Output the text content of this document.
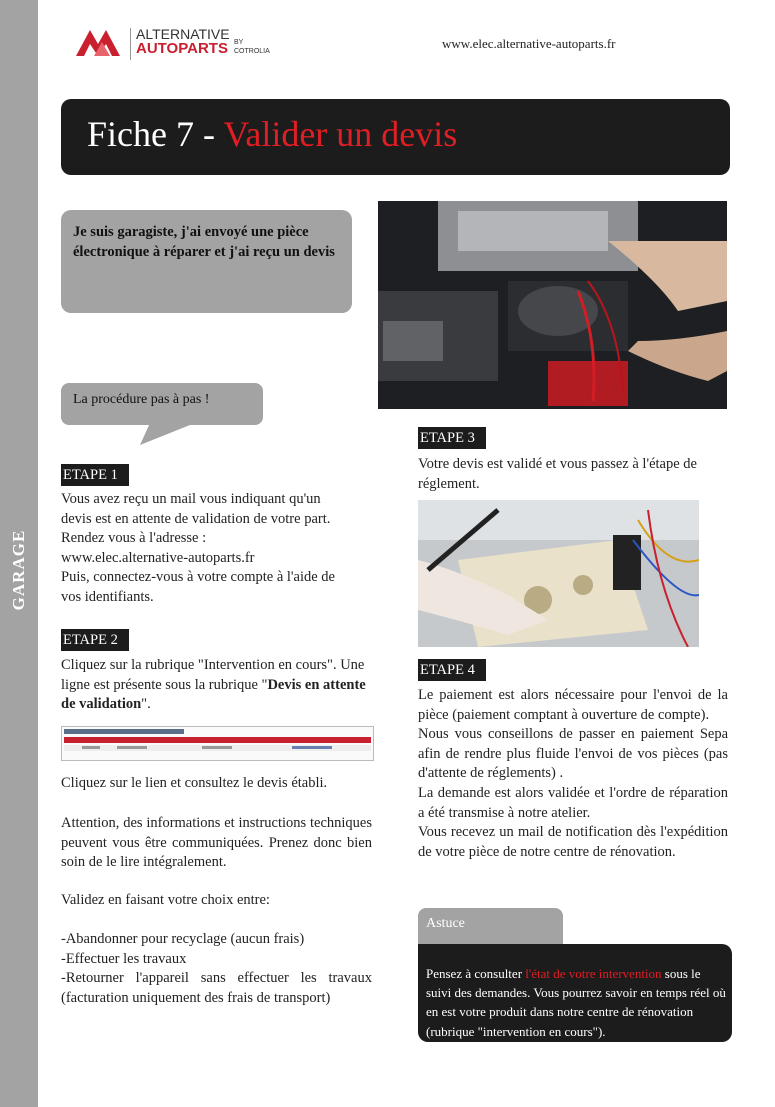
GARAGE
ALTERNATIVE
AUTOPARTS BY
COTROLIA
www.elec.alternative-autoparts.fr
Fiche 7 - Valider un devis
Je suis garagiste, j'ai envoyé une pièce électronique à réparer et j'ai reçu un devis
La procédure pas à pas !
ETAPE 1
Vous avez reçu un mail vous indiquant qu'un
devis est en attente de validation de votre part.
Rendez vous à l'adresse :
www.elec.alternative-autoparts.fr
Puis, connectez-vous à votre compte à l'aide de
vos identifiants.
ETAPE 2
Cliquez sur la rubrique "Intervention en cours". Une ligne est présente sous la rubrique "Devis en attente de validation".
Cliquez sur le lien et consultez le devis établi.
Attention, des informations et instructions techniques peuvent vous être communiquées. Prenez donc bien soin de le lire intégralement.
Validez en faisant votre choix entre:
-Abandonner pour recyclage (aucun frais)
-Effectuer les travaux
-Retourner l'appareil sans effectuer les travaux (facturation uniquement des frais de transport)
ETAPE 3
Votre devis est validé et vous passez à l'étape de réglement.
ETAPE 4
Le paiement est alors nécessaire pour l'envoi de la pièce (paiement comptant à ouverture de compte).
Nous vous conseillons de passer en paiement Sepa afin de rendre plus fluide l'envoi de vos pièces (pas d'attente de réglements) .
La demande est alors validée et l'ordre de réparation a été transmise à notre atelier.
Vous recevez un mail de notification dès l'expédition de votre pièce de notre centre de rénovation.
Astuce
Pensez à consulter l'état de votre intervention sous le suivi des demandes. Vous pourrez savoir en temps réel où en est votre produit dans notre centre de rénovation (rubrique "intervention en cours").
